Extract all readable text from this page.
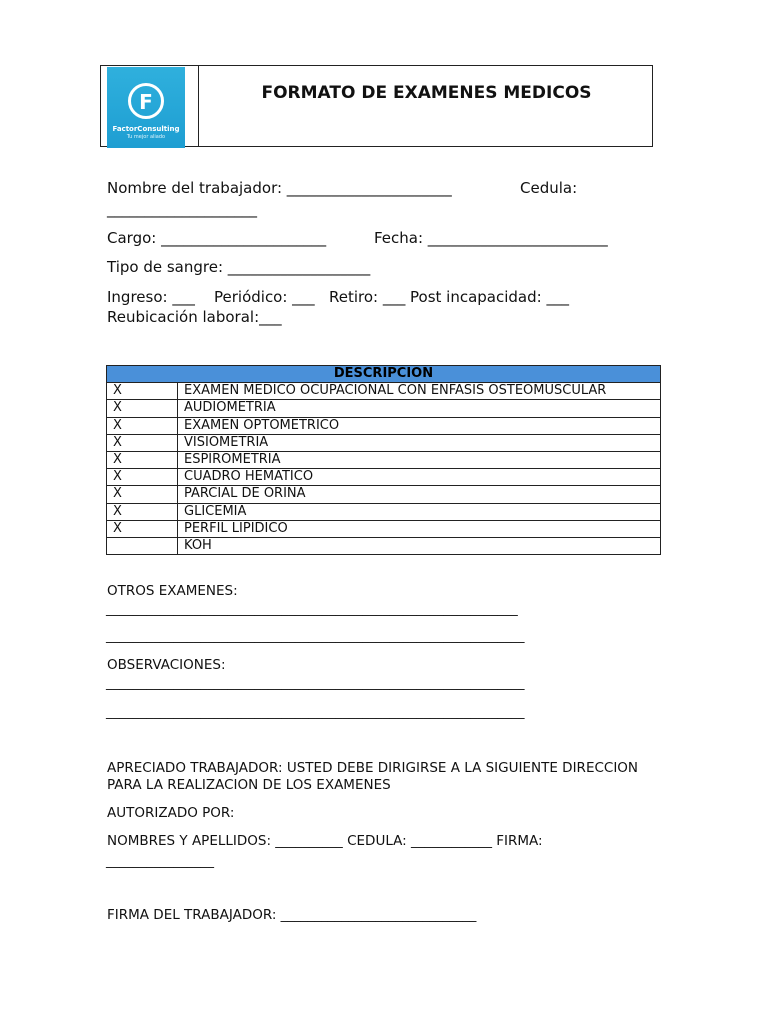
F
FactorConsulting
Tu mejor aliado
FORMATO DE EXAMENES MEDICOS
Nombre del trabajador: ______________________	Cedula:
____________________
Cargo: ______________________	Fecha: ________________________
Tipo de sangre: ___________________
Ingreso: ___ Periódico: ___ Retiro: ___ Post incapacidad: ___
Reubicación laboral:___
DESCRIPCION	
X	EXAMEN MEDICO OCUPACIONAL CON ENFASIS OSTEOMUSCULAR
X	AUDIOMETRIA
X	EXAMEN OPTOMETRICO
X	VISIOMETRIA
X	ESPIROMETRIA
X	CUADRO HEMATICO
X	PARCIAL DE ORINA
X	GLICEMIA
X	PERFIL LIPIDICO
	KOH
OTROS EXAMENES:
_____________________________________________________________
______________________________________________________________
OBSERVACIONES:
______________________________________________________________
______________________________________________________________
APRECIADO TRABAJADOR: USTED DEBE DIRIGIRSE A LA SIGUIENTE DIRECCION
PARA LA REALIZACION DE LOS EXAMENES
AUTORIZADO POR:
NOMBRES Y APELLIDOS: __________ CEDULA: ____________ FIRMA:
________________
FIRMA DEL TRABAJADOR: _____________________________
